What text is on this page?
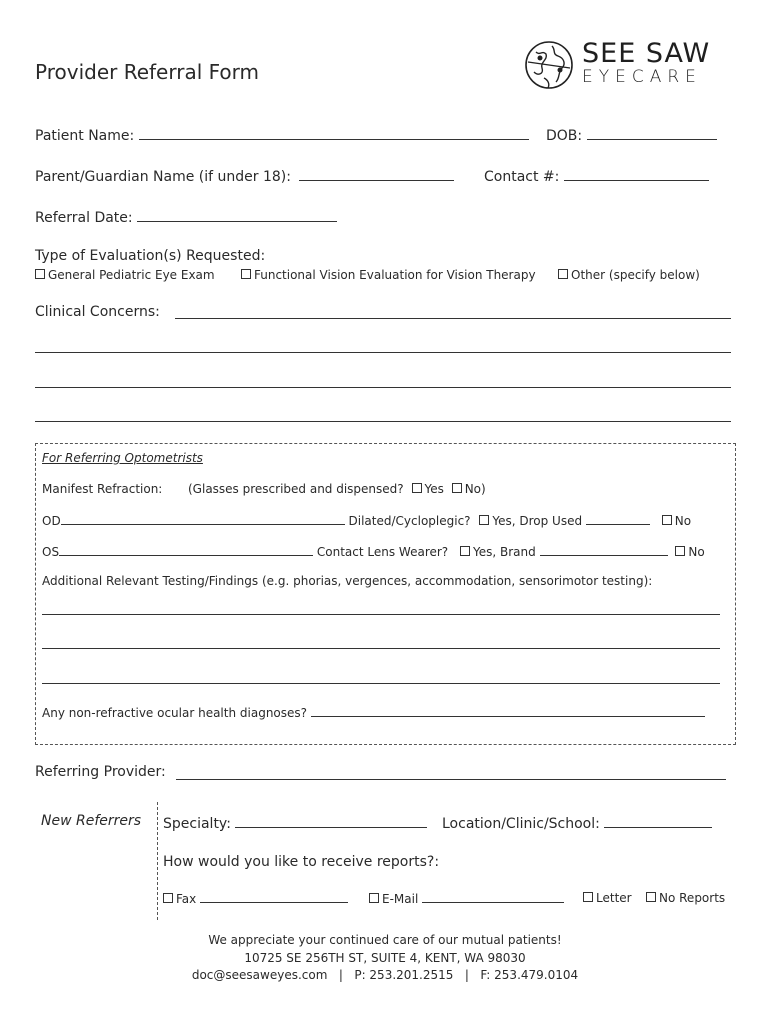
Provider Referral Form
SEE SAW
EYECARE
Patient Name:	DOB:
Parent/Guardian Name (if under 18):	Contact #:
Referral Date:
Type of Evaluation(s) Requested:
General Pediatric Eye Exam	Functional Vision Evaluation for Vision Therapy	Other (specify below)
Clinical Concerns:
For Referring Optometrists
Manifest Refraction: (Glasses prescribed and dispensed? Yes No)
OD	Dilated/Cycloplegic? Yes, Drop Used	No
OS	Contact Lens Wearer? Yes, Brand	No
Additional Relevant Testing/Findings (e.g. phorias, vergences, accommodation, sensorimotor testing):
Any non-refractive ocular health diagnoses?
Referring Provider:
New Referrers Specialty:	Location/Clinic/School:
How would you like to receive reports?:
Fax	E-Mail	Letter	No Reports
We appreciate your continued care of our mutual patients!
10725 SE 256TH ST, SUITE 4, KENT, WA 98030
doc@seesaweyes.com   |   P: 253.201.2515   |   F: 253.479.0104
